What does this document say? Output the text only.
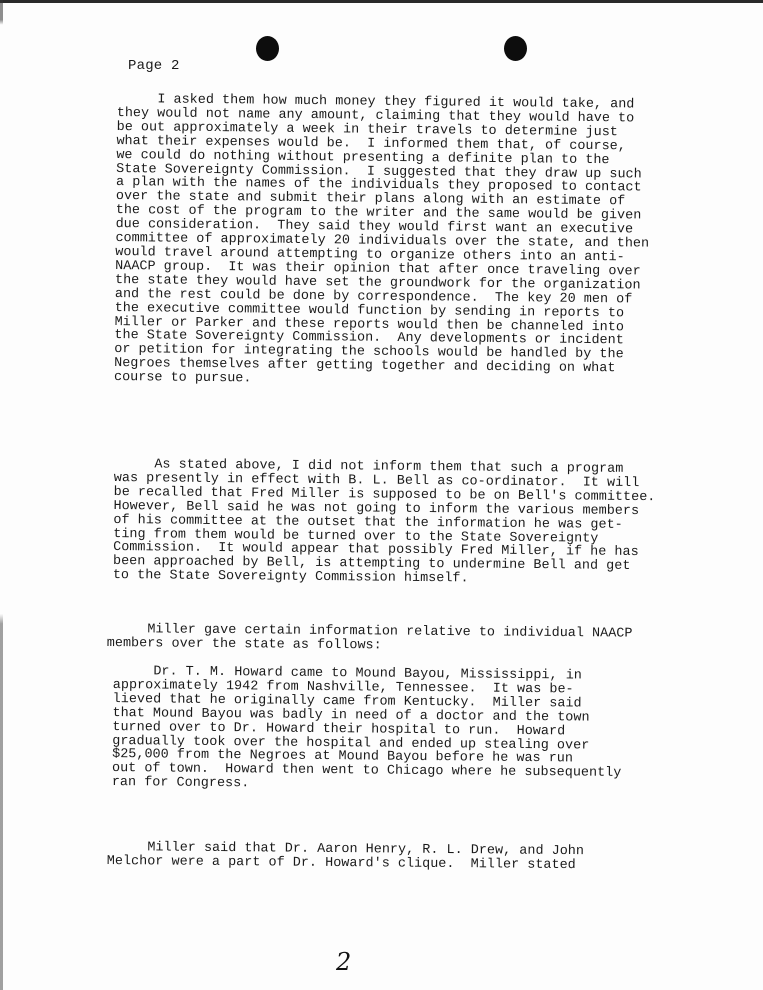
Page 2

I asked them how much money they figured it would take, and
they would not name any amount, claiming that they would have to
be out approximately a week in their travels to determine just
what their expenses would be.  I informed them that, of course,
we could do nothing without presenting a definite plan to the
State Sovereignty Commission.  I suggested that they draw up such
a plan with the names of the individuals they proposed to contact
over the state and submit their plans along with an estimate of
the cost of the program to the writer and the same would be given
due consideration.  They said they would first want an executive
committee of approximately 20 individuals over the state, and then
would travel around attempting to organize others into an anti-
NAACP group.  It was their opinion that after once traveling over
the state they would have set the groundwork for the organization
and the rest could be done by correspondence.  The key 20 men of
the executive committee would function by sending in reports to
Miller or Parker and these reports would then be channeled into
the State Sovereignty Commission.  Any developments or incident
or petition for integrating the schools would be handled by the
Negroes themselves after getting together and deciding on what
course to pursue.

As stated above, I did not inform them that such a program
was presently in effect with B. L. Bell as co-ordinator.  It will
be recalled that Fred Miller is supposed to be on Bell's committee.
However, Bell said he was not going to inform the various members
of his committee at the outset that the information he was get-
ting from them would be turned over to the State Sovereignty
Commission.  It would appear that possibly Fred Miller, if he has
been approached by Bell, is attempting to undermine Bell and get
to the State Sovereignty Commission himself.

Miller gave certain information relative to individual NAACP
members over the state as follows:

Dr. T. M. Howard came to Mound Bayou, Mississippi, in
approximately 1942 from Nashville, Tennessee.  It was be-
lieved that he originally came from Kentucky.  Miller said
that Mound Bayou was badly in need of a doctor and the town
turned over to Dr. Howard their hospital to run.  Howard
gradually took over the hospital and ended up stealing over
$25,000 from the Negroes at Mound Bayou before he was run
out of town.  Howard then went to Chicago where he subsequently
ran for Congress.

Miller said that Dr. Aaron Henry, R. L. Drew, and John
Melchor were a part of Dr. Howard's clique.  Miller stated

2
